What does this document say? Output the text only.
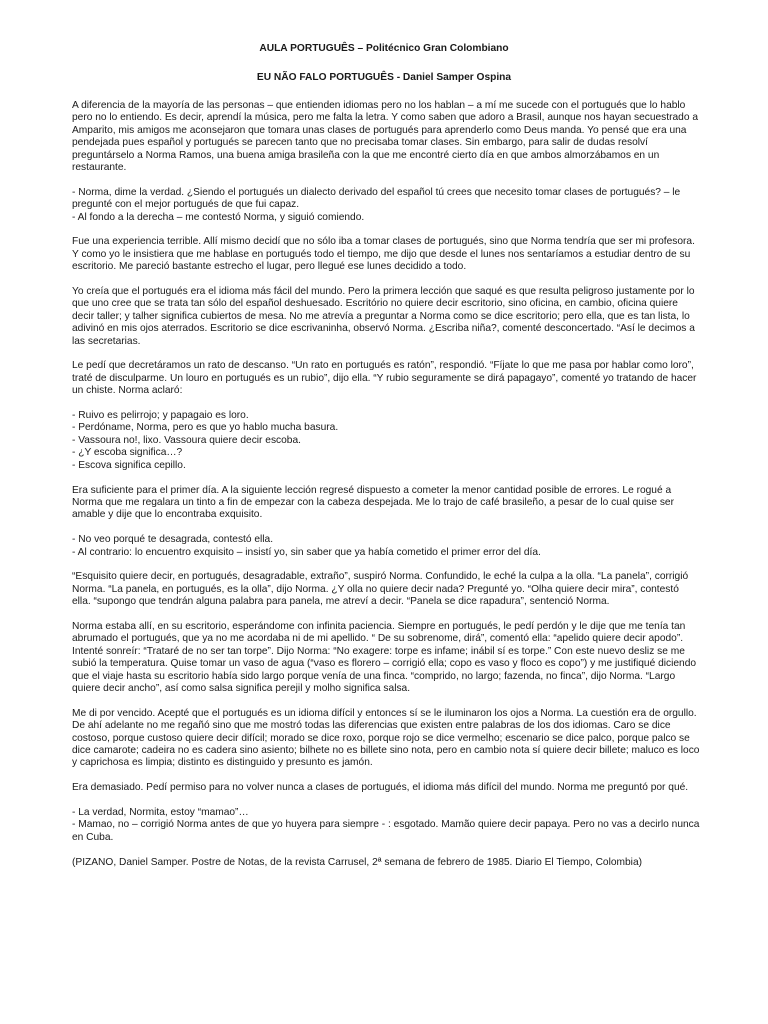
AULA PORTUGUÊS – Politécnico Gran Colombiano
EU NÃO FALO PORTUGUÊS - Daniel Samper Ospina
A diferencia de la mayoría de las personas – que entienden idiomas pero no los hablan – a mí me sucede con el portugués que lo hablo pero no lo entiendo. Es decir, aprendí la música, pero me falta la letra. Y como saben que adoro a Brasil, aunque nos hayan secuestrado a Amparito, mis amigos me aconsejaron que tomara unas clases de portugués para aprenderlo como Deus manda. Yo pensé que era una pendejada pues español y portugués se parecen tanto que no precisaba tomar clases. Sin embargo, para salir de dudas resolví preguntárselo a Norma Ramos, una buena amiga brasileña con la que me encontré cierto día en que ambos almorzábamos en un restaurante.
- Norma, dime la verdad. ¿Siendo el portugués un dialecto derivado del español tú crees que necesito tomar clases de portugués? – le pregunté con el mejor portugués de que fui capaz.
- Al fondo a la derecha – me contestó Norma, y siguió comiendo.
Fue una experiencia terrible. Allí mismo decidí que no sólo iba a tomar clases de portugués, sino que Norma tendría que ser mi profesora. Y como yo le insistiera que me hablase en portugués todo el tiempo, me dijo que desde el lunes nos sentaríamos a estudiar dentro de su escritorio. Me pareció bastante estrecho el lugar, pero llegué ese lunes decidido a todo.
Yo creía que el portugués era el idioma más fácil del mundo. Pero la primera lección que saqué es que resulta peligroso justamente por lo que uno cree que se trata tan sólo del español deshuesado. Escritório no quiere decir escritorio, sino oficina, en cambio, oficina quiere decir taller; y talher significa cubiertos de mesa. No me atrevía a preguntar a Norma como se dice escritorio; pero ella, que es tan lista, lo adivinó en mis ojos aterrados. Escritorio se dice escrivaninha, observó Norma. ¿Escriba niña?, comenté desconcertado. “Así le decimos a las secretarias.
Le pedí que decretáramos un rato de descanso. “Un rato en portugués es ratón”, respondió. “Fíjate lo que me pasa por hablar como loro”, traté de disculparme. Un louro en portugués es un rubio”, dijo ella. “Y rubio seguramente se dirá papagayo”, comenté yo tratando de hacer un chiste. Norma aclaró:
- Ruivo es pelirrojo; y papagaio es loro.
- Perdóname, Norma, pero es que yo hablo mucha basura.
- Vassoura no!, lixo. Vassoura quiere decir escoba.
- ¿Y escoba significa…?
- Escova significa cepillo.
Era suficiente para el primer día. A la siguiente lección regresé dispuesto a cometer la menor cantidad posible de errores. Le rogué a Norma que me regalara un tinto a fin de empezar con la cabeza despejada. Me lo trajo de café brasileño, a pesar de lo cual quise ser amable y dije que lo encontraba exquisito.
- No veo porqué te desagrada, contestó ella.
- Al contrario: lo encuentro exquisito – insistí yo, sin saber que ya había cometido el primer error del día.
“Esquisito quiere decir, en portugués, desagradable, extraño”, suspiró Norma. Confundido, le eché la culpa a la olla. “La panela”, corrigió Norma. “La panela, en portugués, es la olla”, dijo Norma. ¿Y olla no quiere decir nada? Pregunté yo. “Olha quiere decir mira”, contestó ella. “supongo que tendrán alguna palabra para panela, me atreví a decir. “Panela se dice rapadura”, sentenció Norma.
Norma estaba allí, en su escritorio, esperándome con infinita paciencia. Siempre en portugués, le pedí perdón y le dije que me tenía tan abrumado el portugués, que ya no me acordaba ni de mi apellido. “ De su sobrenome, dirá”, comentó ella: “apelido quiere decir apodo”. Intenté sonreír: “Trataré de no ser tan torpe”. Dijo Norma: “No exagere: torpe es infame; inábil sí es torpe.” Con este nuevo desliz se me subió la temperatura. Quise tomar un vaso de agua (“vaso es florero – corrigió ella; copo es vaso y floco es copo”) y me justifiqué diciendo que el viaje hasta su escritorio había sido largo porque venía de una finca. “comprido, no largo; fazenda, no finca”, dijo Norma. “Largo quiere decir ancho”, así como salsa significa perejil y molho significa salsa.
Me di por vencido. Acepté que el portugués es un idioma difícil y entonces sí se le iluminaron los ojos a Norma. La cuestión era de orgullo. De ahí adelante no me regañó sino que me mostró todas las diferencias que existen entre palabras de los dos idiomas. Caro se dice costoso, porque custoso quiere decir difícil; morado se dice roxo, porque rojo se dice vermelho; escenario se dice palco, porque palco se dice camarote; cadeira no es cadera sino asiento; bilhete no es billete sino nota, pero en cambio nota sí quiere decir billete; maluco es loco y caprichosa es limpia; distinto es distinguido y presunto es jamón.
Era demasiado. Pedí permiso para no volver nunca a clases de portugués, el idioma más difícil del mundo. Norma me preguntó por qué.
- La verdad, Normita, estoy “mamao”…
- Mamao, no – corrigió Norma antes de que yo huyera para siempre - : esgotado. Mamão quiere decir papaya. Pero no vas a decirlo nunca en Cuba.
(PIZANO, Daniel Samper. Postre de Notas, de la revista Carrusel, 2ª semana de febrero de 1985. Diario El Tiempo, Colombia)
